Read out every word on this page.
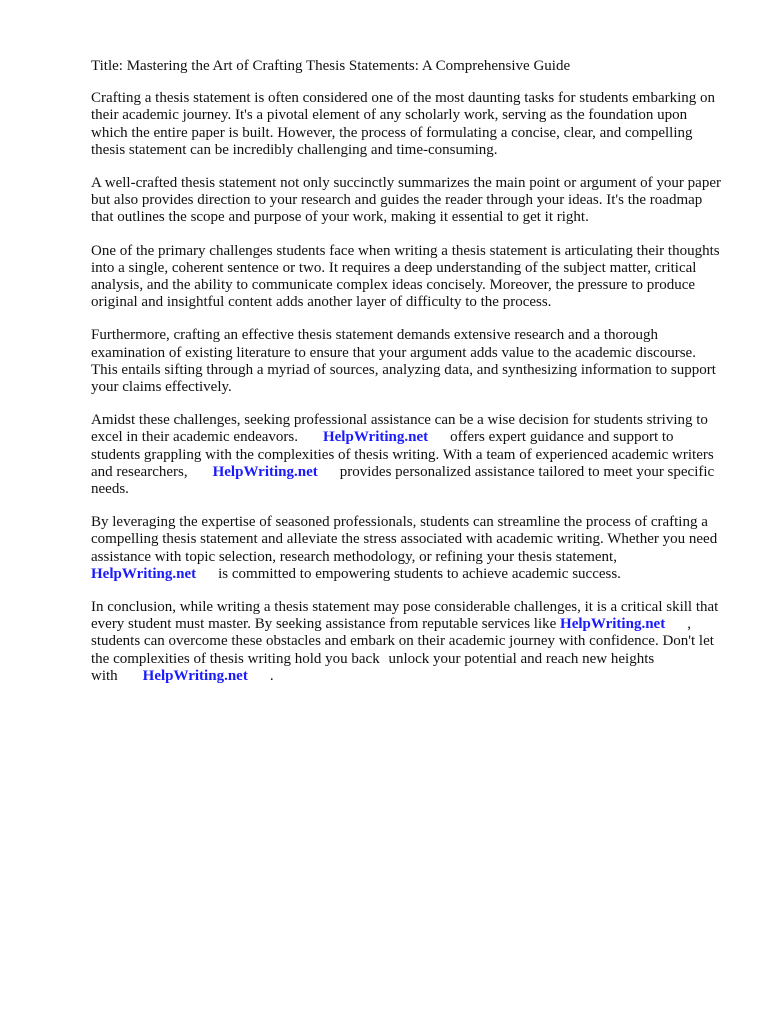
Title: Mastering the Art of Crafting Thesis Statements: A Comprehensive Guide

Crafting a thesis statement is often considered one of the most daunting tasks for students embarking on their academic journey. It's a pivotal element of any scholarly work, serving as the foundation upon which the entire paper is built. However, the process of formulating a concise, clear, and compelling thesis statement can be incredibly challenging and time-consuming.

A well-crafted thesis statement not only succinctly summarizes the main point or argument of your paper but also provides direction to your research and guides the reader through your ideas. It's the roadmap that outlines the scope and purpose of your work, making it essential to get it right.

One of the primary challenges students face when writing a thesis statement is articulating their thoughts into a single, coherent sentence or two. It requires a deep understanding of the subject matter, critical analysis, and the ability to communicate complex ideas concisely. Moreover, the pressure to produce original and insightful content adds another layer of difficulty to the process.

Furthermore, crafting an effective thesis statement demands extensive research and a thorough examination of existing literature to ensure that your argument adds value to the academic discourse. This entails sifting through a myriad of sources, analyzing data, and synthesizing information to support your claims effectively.

Amidst these challenges, seeking professional assistance can be a wise decision for students striving to excel in their academic endeavors. HelpWriting.net offers expert guidance and support to students grappling with the complexities of thesis writing. With a team of experienced academic writers and researchers, HelpWriting.net provides personalized assistance tailored to meet your specific needs.

By leveraging the expertise of seasoned professionals, students can streamline the process of crafting a compelling thesis statement and alleviate the stress associated with academic writing. Whether you need assistance with topic selection, research methodology, or refining your thesis statement, HelpWriting.net is committed to empowering students to achieve academic success.

In conclusion, while writing a thesis statement may pose considerable challenges, it is a critical skill that every student must master. By seeking assistance from reputable services like HelpWriting.net , students can overcome these obstacles and embark on their academic journey with confidence. Don't let the complexities of thesis writing hold you back unlock your potential and reach new heights with HelpWriting.net .
